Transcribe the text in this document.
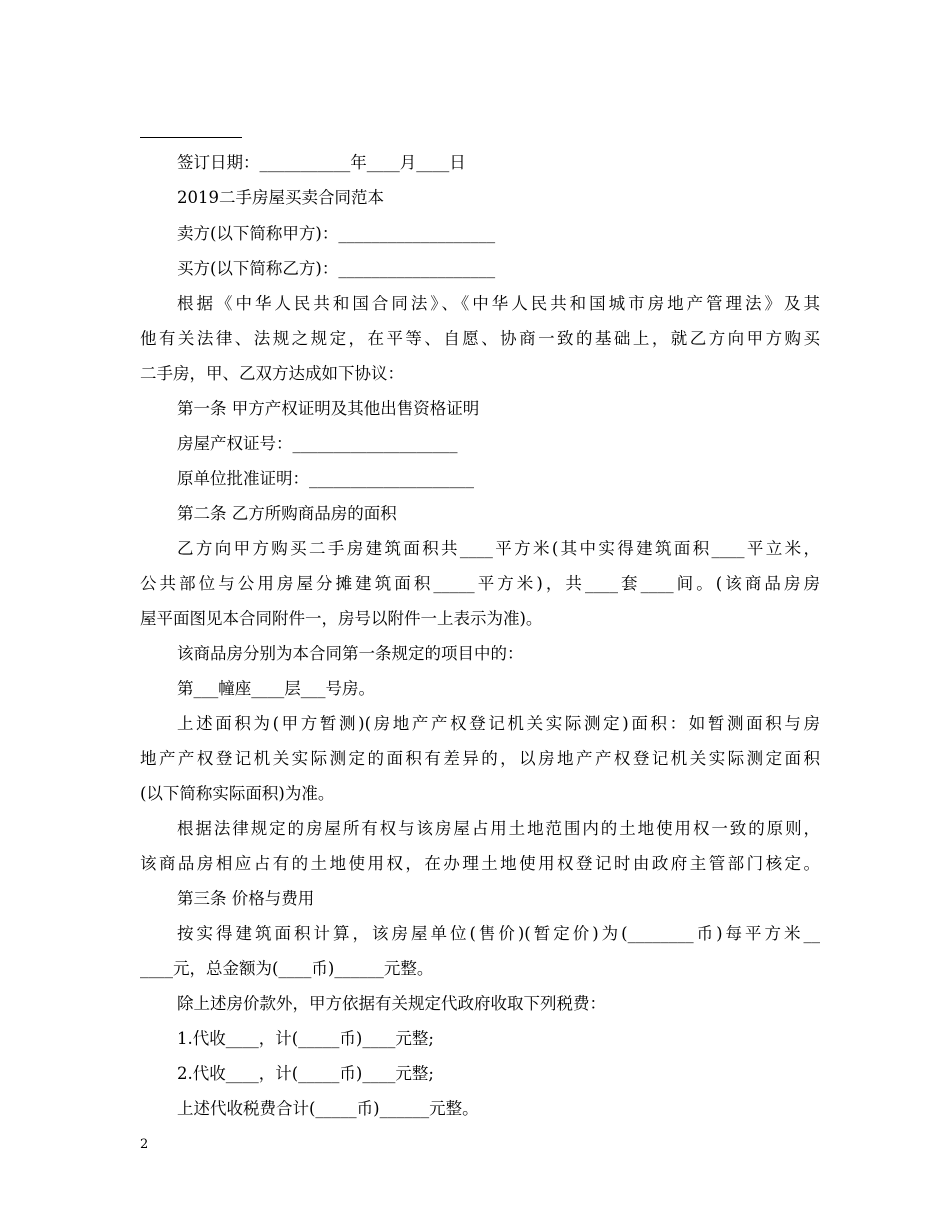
签订日期：___________年____月____日
2019二手房屋买卖合同范本
卖方(以下简称甲方)：___________________
买方(以下简称乙方)：___________________
根据《中华人民共和国合同法》、《中华人民共和国城市房地产管理法》及其
他有关法律、法规之规定，在平等、自愿、协商一致的基础上，就乙方向甲方购买
二手房，甲、乙双方达成如下协议：
第一条 甲方产权证明及其他出售资格证明
房屋产权证号：____________________
原单位批准证明：____________________
第二条 乙方所购商品房的面积
乙方向甲方购买二手房建筑面积共____平方米(其中实得建筑面积____平立米，
公共部位与公用房屋分摊建筑面积_____平方米)，共____套____间。(该商品房房
屋平面图见本合同附件一，房号以附件一上表示为准)。
该商品房分别为本合同第一条规定的项目中的：
第___幢座____层___号房。
上述面积为(甲方暂测)(房地产产权登记机关实际测定)面积：如暂测面积与房
地产产权登记机关实际测定的面积有差异的，以房地产产权登记机关实际测定面积
(以下简称实际面积)为准。
根据法律规定的房屋所有权与该房屋占用土地范围内的土地使用权一致的原则，
该商品房相应占有的土地使用权，在办理土地使用权登记时由政府主管部门核定。
第三条 价格与费用
按实得建筑面积计算，该房屋单位(售价)(暂定价)为(________币)每平方米__
____元，总金额为(____币)______元整。
除上述房价款外，甲方依据有关规定代政府收取下列税费：
1.代收____，计(_____币)____元整;
2.代收____，计(_____币)____元整;
上述代收税费合计(_____币)______元整。
2
